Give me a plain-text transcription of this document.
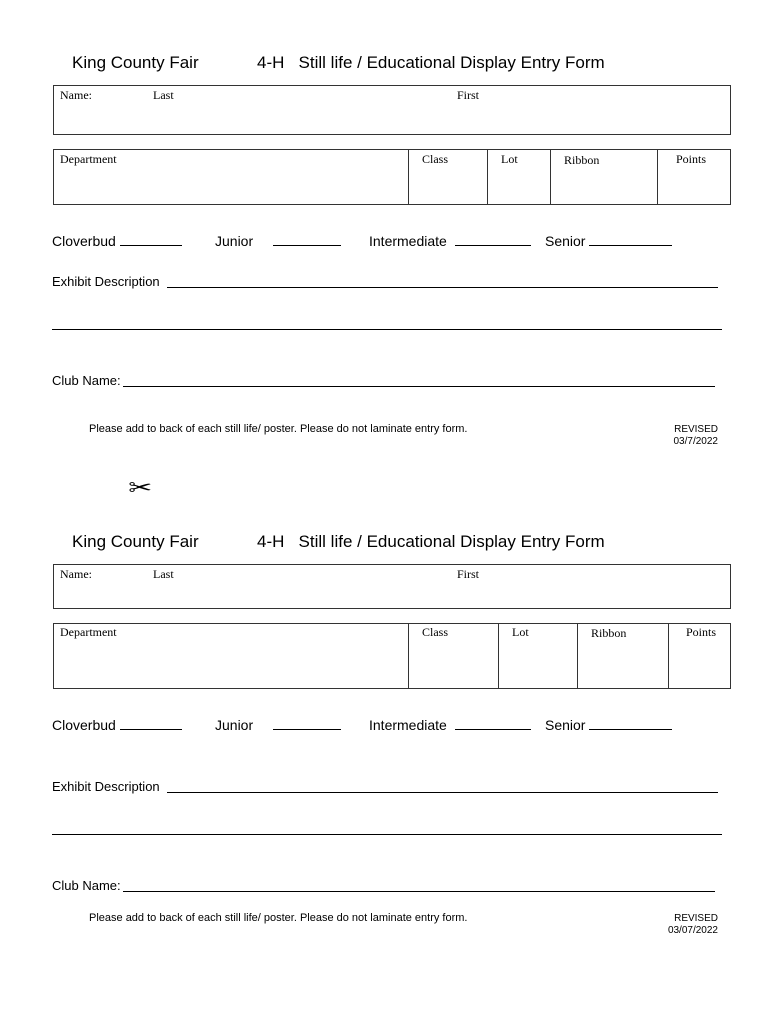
King County Fair	4-H   Still life / Educational Display Entry Form
Name:	Last	First
Department	Class	Lot	Ribbon	Points
Cloverbud	Junior	Intermediate	Senior
Exhibit Description
Club Name:
Please add to back of each still life/ poster. Please do not laminate entry form.	REVISED
03/7/2022
✂
King County Fair	4-H   Still life / Educational Display Entry Form
Name:	Last	First
Department	Class	Lot	Ribbon	Points
Cloverbud	Junior	Intermediate	Senior
Exhibit Description
Club Name:
Please add to back of each still life/ poster. Please do not laminate entry form.	REVISED
03/07/2022
